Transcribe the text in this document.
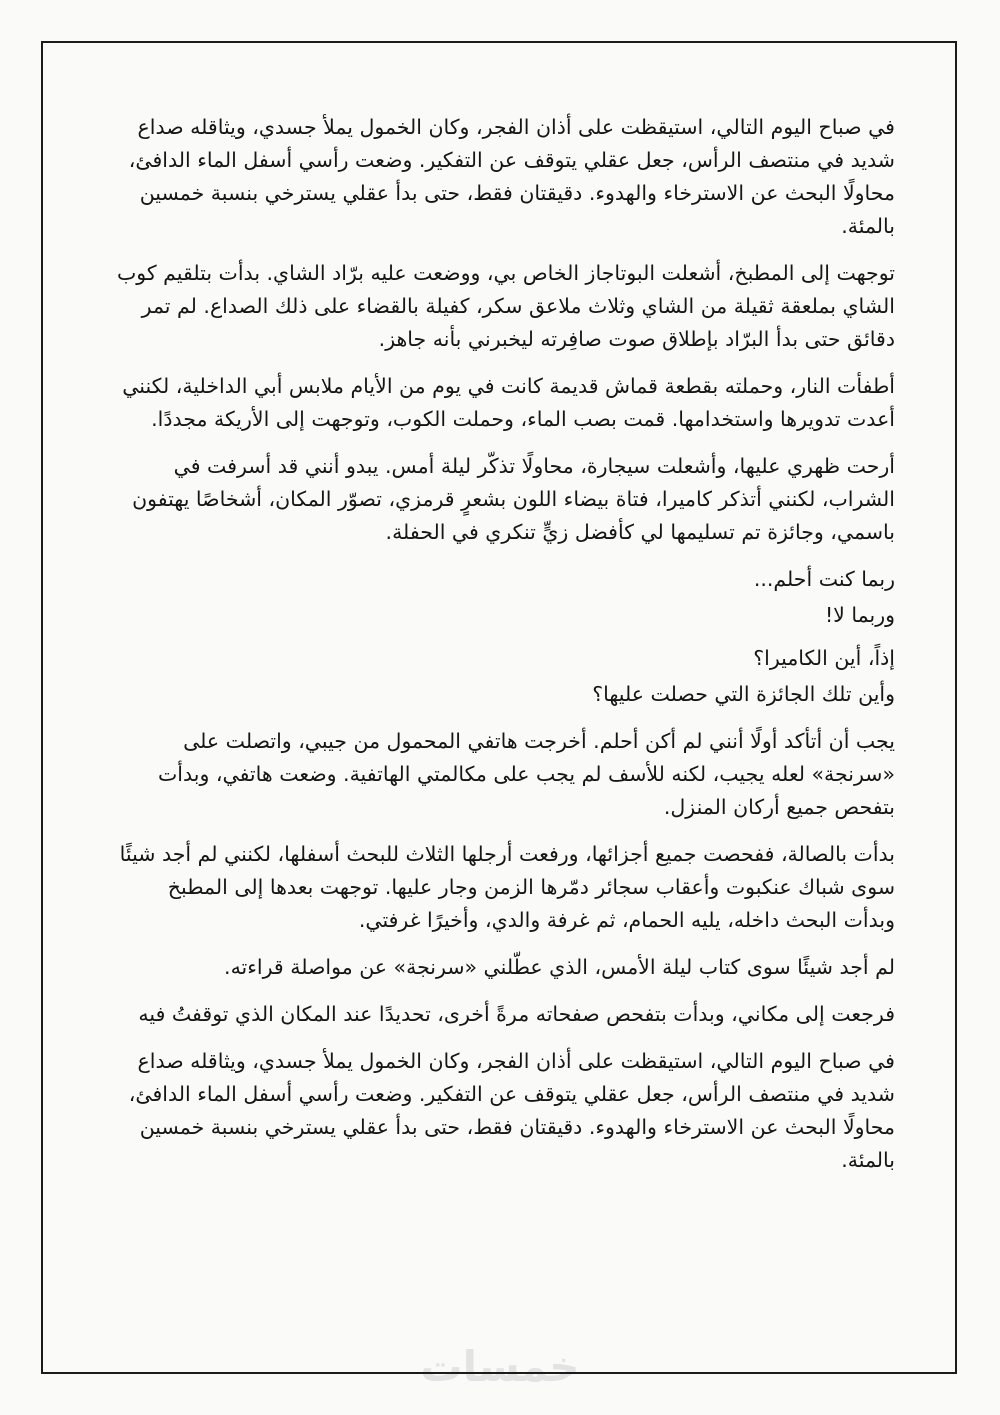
خمسات

في صباح اليوم التالي، استيقظت على أذان الفجر، وكان الخمول يملأ جسدي، ويثاقله صداع شديد في منتصف الرأس، جعل عقلي يتوقف عن التفكير. وضعت رأسي أسفل الماء الدافئ، محاولًا البحث عن الاسترخاء والهدوء. دقيقتان فقط، حتى بدأ عقلي يسترخي بنسبة خمسين بالمئة.

توجهت إلى المطبخ، أشعلت البوتاجاز الخاص بي، ووضعت عليه برّاد الشاي. بدأت بتلقيم كوب الشاي بملعقة ثقيلة من الشاي وثلاث ملاعق سكر، كفيلة بالقضاء على ذلك الصداع. لم تمر دقائق حتى بدأ البرّاد بإطلاق صوت صافِرته ليخبرني بأنه جاهز.

أطفأت النار، وحملته بقطعة قماش قديمة كانت في يوم من الأيام ملابس أبي الداخلية، لكنني أعدت تدويرها واستخدامها. قمت بصب الماء، وحملت الكوب، وتوجهت إلى الأريكة مجددًا.

أرحت ظهري عليها، وأشعلت سيجارة، محاولًا تذكّر ليلة أمس. يبدو أنني قد أسرفت في الشراب، لكنني أتذكر كاميرا، فتاة بيضاء اللون بشعرٍ قرمزي، تصوّر المكان، أشخاصًا يهتفون باسمي، وجائزة تم تسليمها لي كأفضل زيٍّ تنكري في الحفلة.

ربما كنت أحلم...

وربما لا!

إذاً، أين الكاميرا؟

وأين تلك الجائزة التي حصلت عليها؟

يجب أن أتأكد أولًا أنني لم أكن أحلم. أخرجت هاتفي المحمول من جيبي، واتصلت على «سرنجة» لعله يجيب، لكنه للأسف لم يجب على مكالمتي الهاتفية. وضعت هاتفي، وبدأت بتفحص جميع أركان المنزل.

بدأت بالصالة، ففحصت جميع أجزائها، ورفعت أرجلها الثلاث للبحث أسفلها، لكنني لم أجد شيئًا سوى شباك عنكبوت وأعقاب سجائر دمّرها الزمن وجار عليها. توجهت بعدها إلى المطبخ وبدأت البحث داخله، يليه الحمام، ثم غرفة والدي، وأخيرًا غرفتي.

لم أجد شيئًا سوى كتاب ليلة الأمس، الذي عطّلني «سرنجة» عن مواصلة قراءته.

فرجعت إلى مكاني، وبدأت بتفحص صفحاته مرةً أخرى، تحديدًا عند المكان الذي توقفتُ فيه

في صباح اليوم التالي، استيقظت على أذان الفجر، وكان الخمول يملأ جسدي، ويثاقله صداع شديد في منتصف الرأس، جعل عقلي يتوقف عن التفكير. وضعت رأسي أسفل الماء الدافئ، محاولًا البحث عن الاسترخاء والهدوء. دقيقتان فقط، حتى بدأ عقلي يسترخي بنسبة خمسين بالمئة.
